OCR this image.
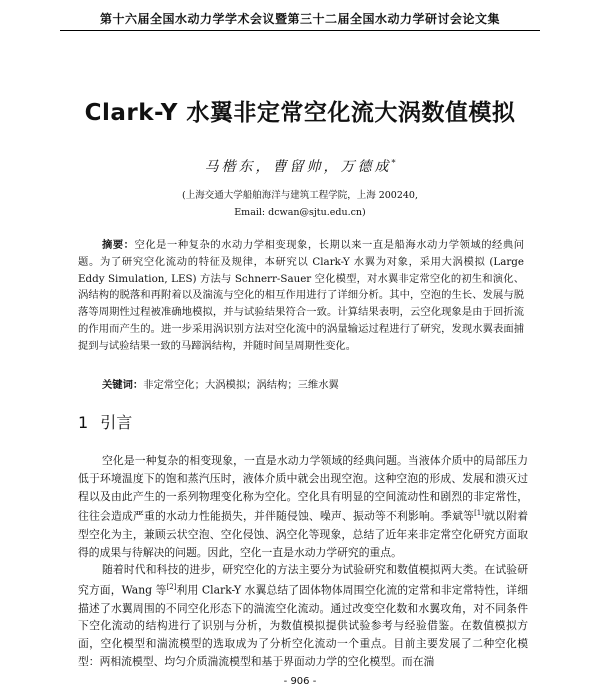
第十六届全国水动力学学术会议暨第三十二届全国水动力学研讨会论文集
Clark-Y 水翼非定常空化流大涡数值模拟
马楷东，曹留帅，万德成*
(上海交通大学船舶海洋与建筑工程学院，上海 200240,
Email: dcwan@sjtu.edu.cn)
摘要：空化是一种复杂的水动力学相变现象，长期以来一直是船海水动力学领域的经典问题。为了研究空化流动的特征及规律，本研究以 Clark-Y 水翼为对象，采用大涡模拟 (Large Eddy Simulation, LES) 方法与 Schnerr-Sauer 空化模型，对水翼非定常空化的初生和演化、涡结构的脱落和再附着以及湍流与空化的相互作用进行了详细分析。其中，空泡的生长、发展与脱落等周期性过程被准确地模拟，并与试验结果符合一致。计算结果表明，云空化现象是由于回折流的作用而产生的。进一步采用涡识别方法对空化流中的涡量输运过程进行了研究，发现水翼表面捕捉到与试验结果一致的马蹄涡结构，并随时间呈周期性变化。
关键词：非定常空化；大涡模拟；涡结构；三维水翼
1 引言

空化是一种复杂的相变现象，一直是水动力学领域的经典问题。当液体介质中的局部压力低于环境温度下的饱和蒸汽压时，液体介质中就会出现空泡。这种空泡的形成、发展和溃灭过程以及由此产生的一系列物理变化称为空化。空化具有明显的空间流动性和剧烈的非定常性，往往会造成严重的水动力性能损失，并伴随侵蚀、噪声、振动等不利影响。季斌等[1]就以附着型空化为主，兼顾云状空泡、空化侵蚀、涡空化等现象，总结了近年来非定常空化研究方面取得的成果与待解决的问题。因此，空化一直是水动力学研究的重点。

随着时代和科技的进步，研究空化的方法主要分为试验研究和数值模拟两大类。在试验研究方面，Wang 等[2]利用 Clark-Y 水翼总结了固体物体周围空化流的定常和非定常特性，详细描述了水翼周围的不同空化形态下的湍流空化流动。通过改变空化数和水翼攻角，对不同条件下空化流动的结构进行了识别与分析，为数值模拟提供试验参考与经验借鉴。在数值模拟方面，空化模型和湍流模型的选取成为了分析空化流动一个重点。目前主要发展了二种空化模型：两相流模型、均匀介质湍流模型和基于界面动力学的空化模型。而在湍

- 906 -
